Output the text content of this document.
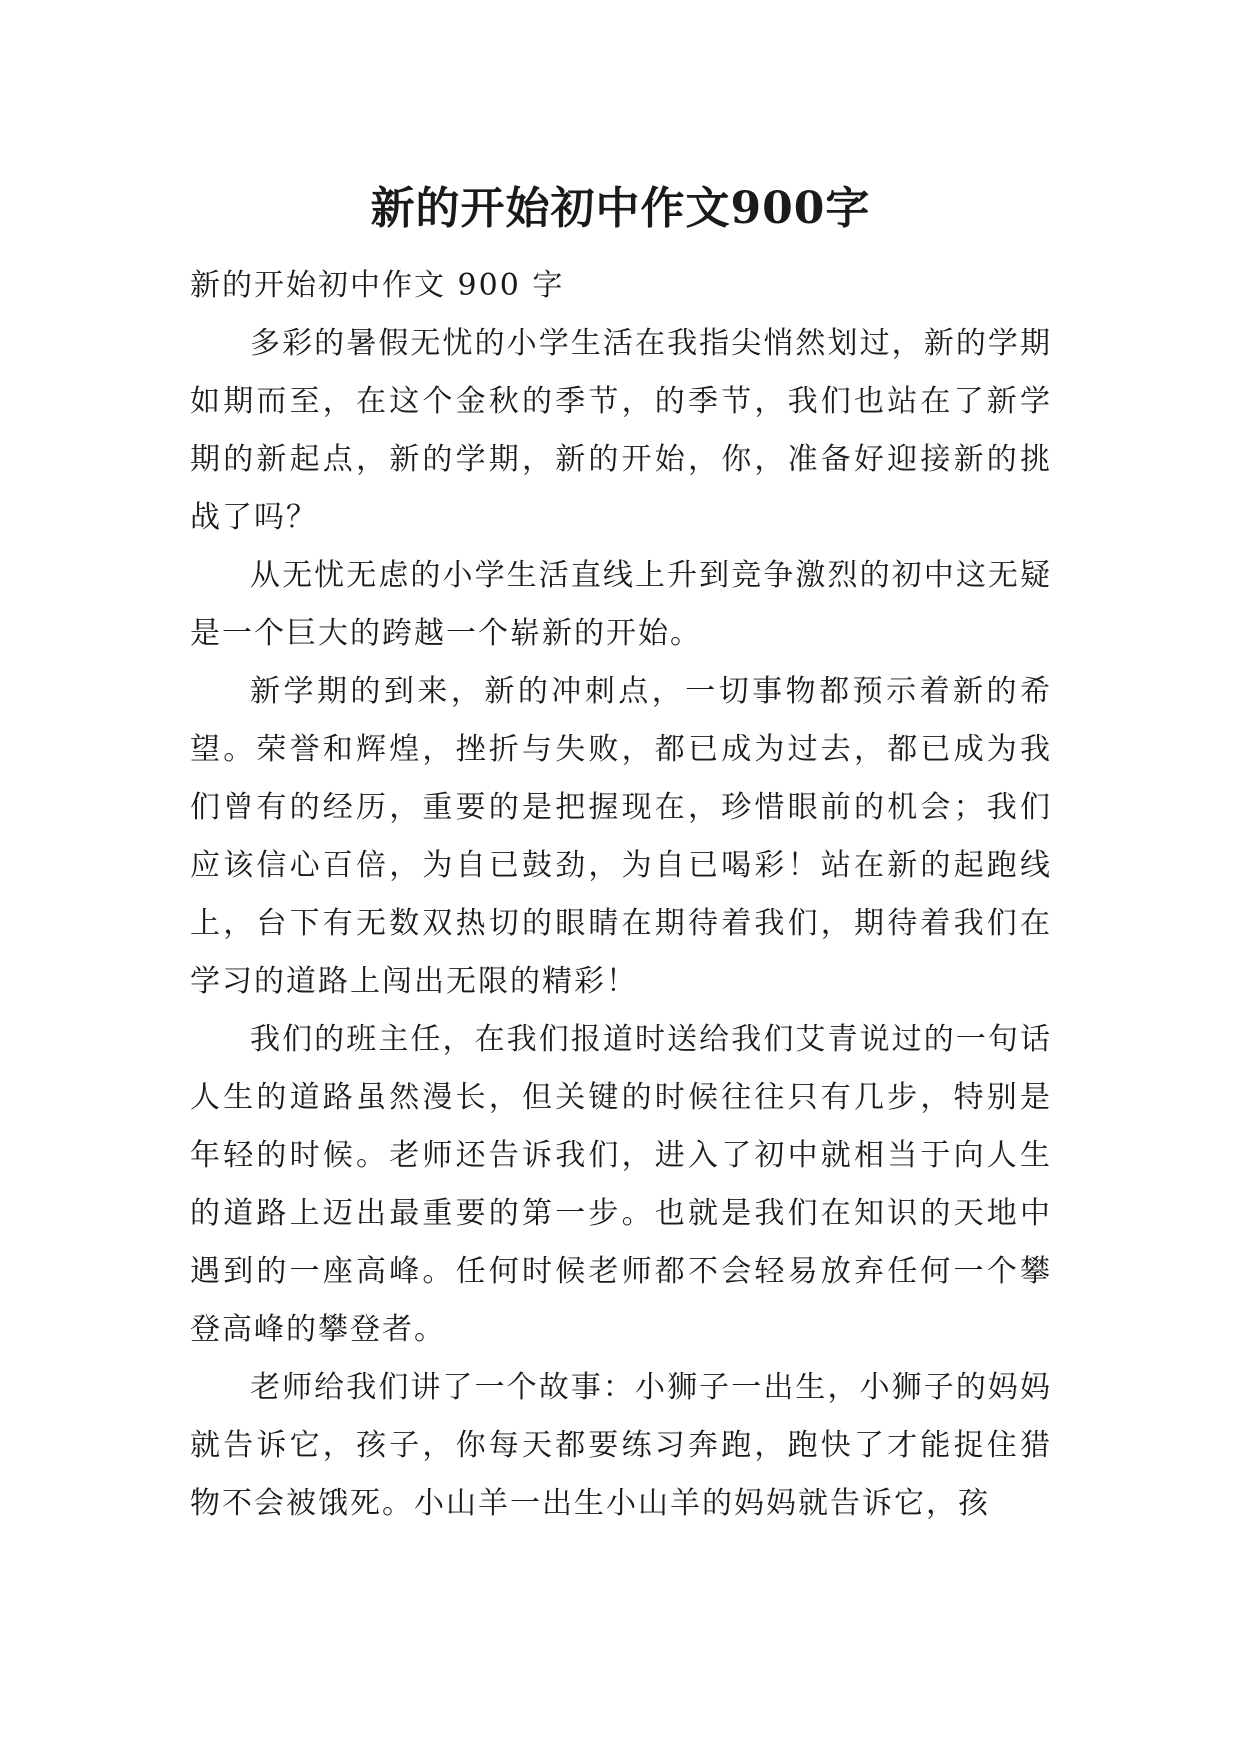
新的开始初中作文900字

新的开始初中作文 900 字

多彩的暑假无忧的小学生活在我指尖悄然划过，新的学期如期而至，在这个金秋的季节，的季节，我们也站在了新学期的新起点，新的学期，新的开始，你，准备好迎接新的挑战了吗？

从无忧无虑的小学生活直线上升到竞争激烈的初中这无疑是一个巨大的跨越一个崭新的开始。

新学期的到来，新的冲刺点，一切事物都预示着新的希望。荣誉和辉煌，挫折与失败，都已成为过去，都已成为我们曾有的经历，重要的是把握现在，珍惜眼前的机会；我们应该信心百倍，为自已鼓劲，为自已喝彩！站在新的起跑线上，台下有无数双热切的眼睛在期待着我们，期待着我们在学习的道路上闯出无限的精彩！

我们的班主任，在我们报道时送给我们艾青说过的一句话人生的道路虽然漫长，但关键的时候往往只有几步，特别是年轻的时候。老师还告诉我们，进入了初中就相当于向人生的道路上迈出最重要的第一步。也就是我们在知识的天地中遇到的一座高峰。任何时候老师都不会轻易放弃任何一个攀登高峰的攀登者。

老师给我们讲了一个故事：小狮子一出生，小狮子的妈妈就告诉它，孩子，你每天都要练习奔跑，跑快了才能捉住猎物不会被饿死。小山羊一出生小山羊的妈妈就告诉它，孩
